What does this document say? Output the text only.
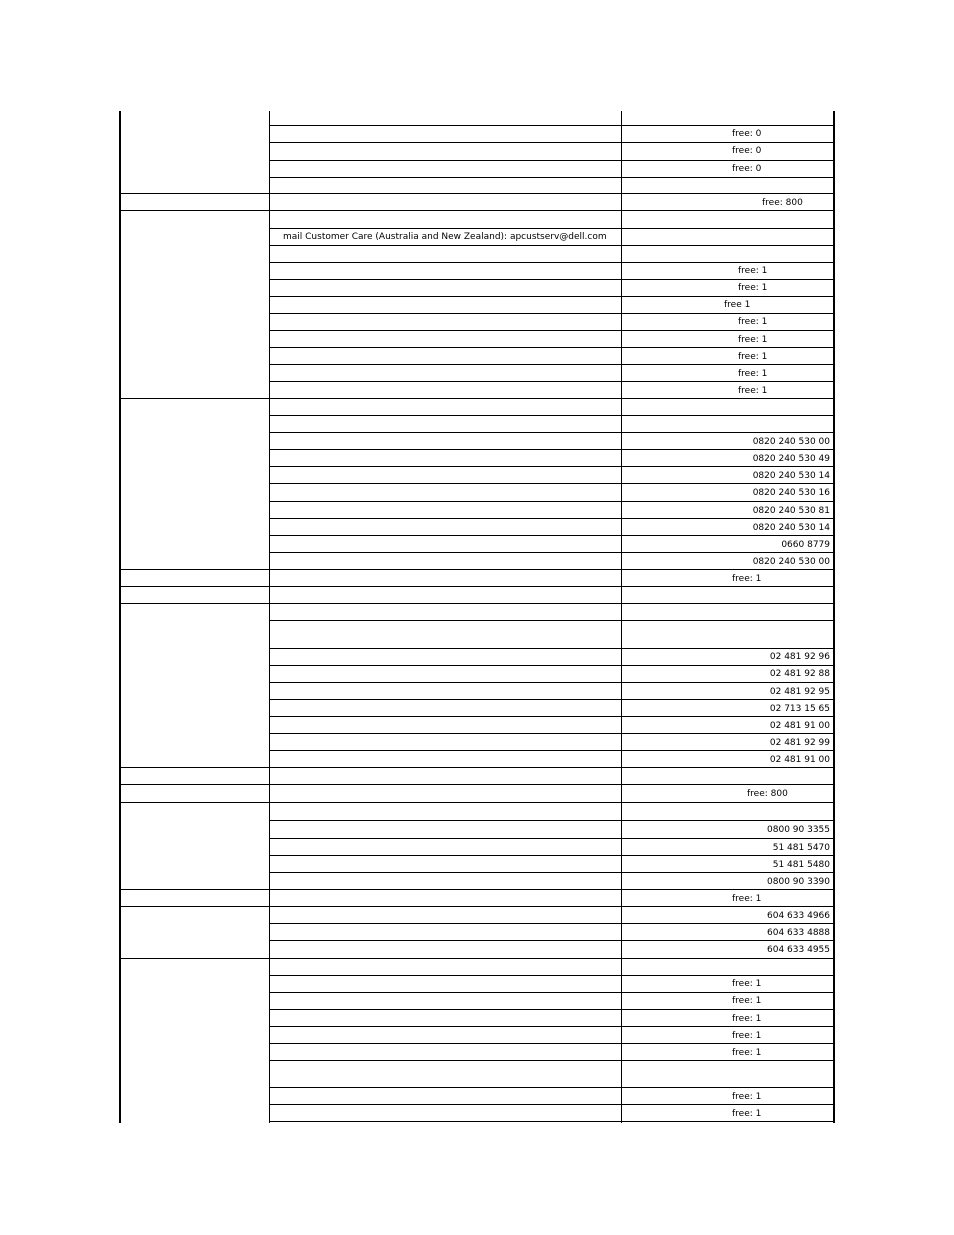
mail Customer Care (Australia and New Zealand): apcustserv@dell.com
free: 0
free: 0
free: 0
free: 800
free: 1
free: 1
free 1
free: 1
free: 1
free: 1
free: 1
free: 1
0820 240 530 00
0820 240 530 49
0820 240 530 14
0820 240 530 16
0820 240 530 81
0820 240 530 14
0660 8779
0820 240 530 00
free: 1
02 481 92 96
02 481 92 88
02 481 92 95
02 713 15 65
02 481 91 00
02 481 92 99
02 481 91 00
free: 800
0800 90 3355
51 481 5470
51 481 5480
0800 90 3390
free: 1
604 633 4966
604 633 4888
604 633 4955
free: 1
free: 1
free: 1
free: 1
free: 1
free: 1
free: 1
